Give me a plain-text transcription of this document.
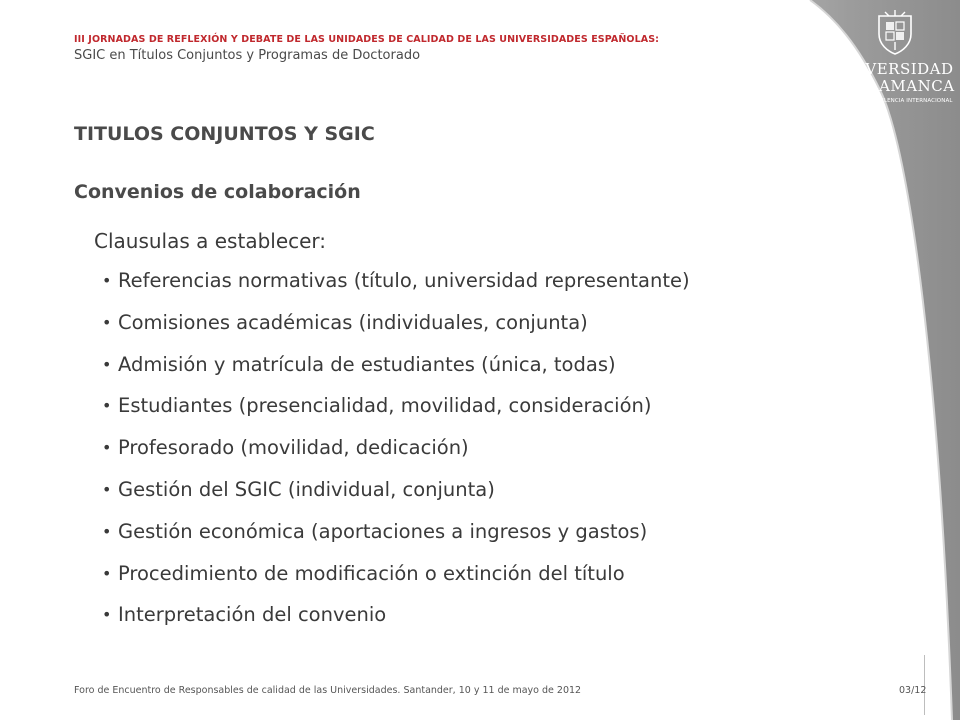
III JORNADAS DE REFLEXIÓN Y DEBATE DE LAS UNIDADES DE CALIDAD DE LAS UNIVERSIDADES ESPAÑOLAS:
SGIC en Títulos Conjuntos y Programas de Doctorado
VNIVERSIDAD
DSALAMANCA
CAMPUS DE EXCELENCIA INTERNACIONAL
TITULOS CONJUNTOS Y SGIC
Convenios de colaboración
Clausulas a establecer:
• Referencias normativas (título, universidad representante)
• Comisiones académicas (individuales, conjunta)
• Admisión y matrícula de estudiantes (única, todas)
• Estudiantes (presencialidad, movilidad, consideración)
• Profesorado (movilidad, dedicación)
• Gestión del SGIC (individual, conjunta)
• Gestión económica (aportaciones a ingresos y gastos)
• Procedimiento de modificación o extinción del título
• Interpretación del convenio
Foro de Encuentro de Responsables de calidad de las Universidades. Santander, 10 y 11 de mayo de 2012	03/12
